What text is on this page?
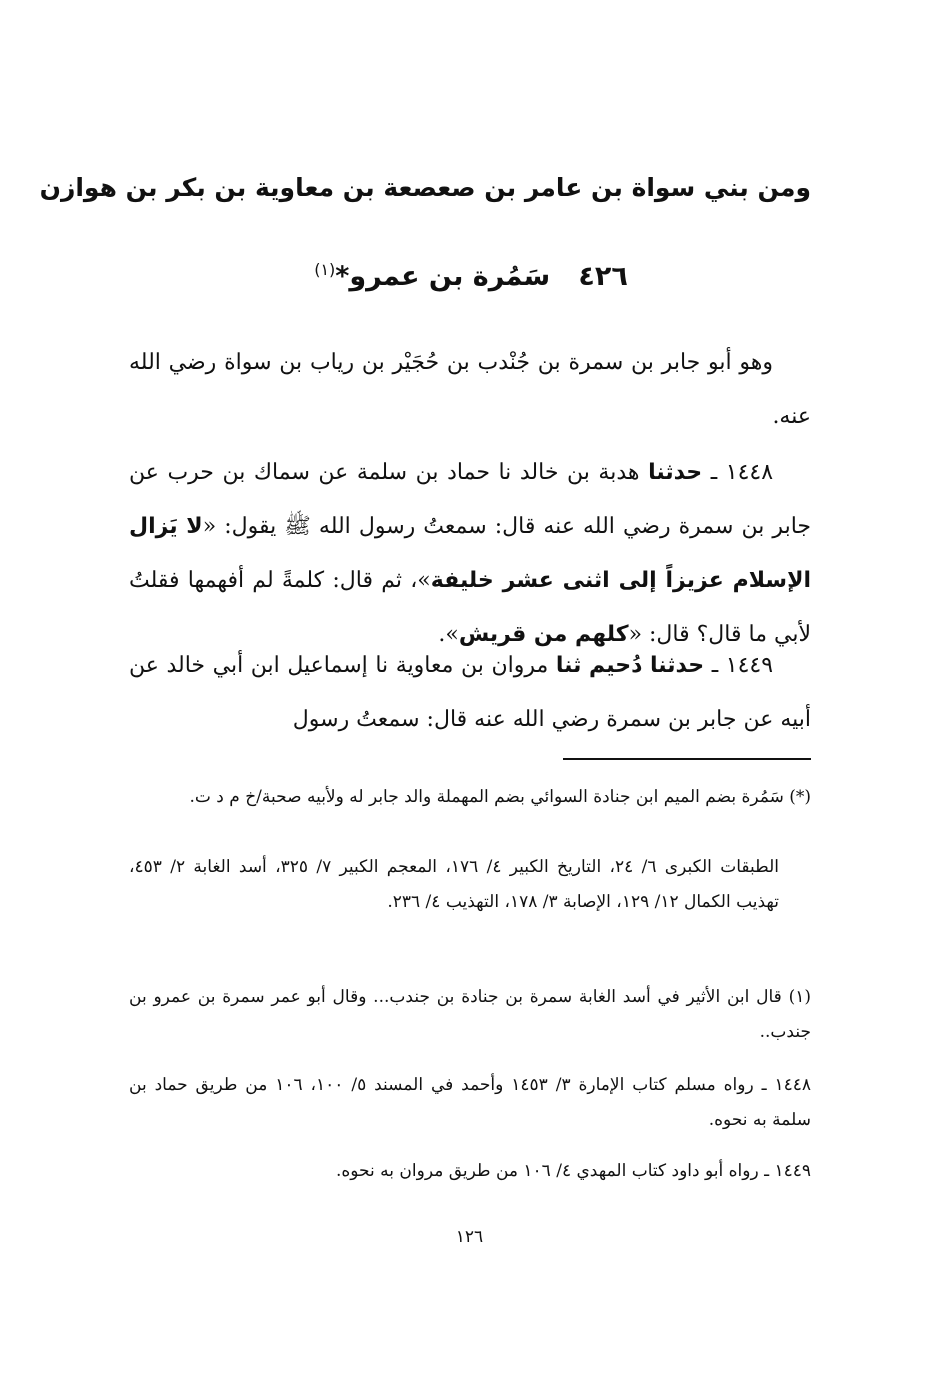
ومن بني سواة بن عامر بن صعصعة بن معاوية بن بكر بن هوازن
٤٢٦   سَمُرة بن عمرو*$^{(١)}$

وهو أبو جابر بن سمرة بن جُنْدب بن حُجَيْر بن رياب بن سواة رضي الله عنه.

١٤٤٨ ـ حدثنا هدبة بن خالد نا حماد بن سلمة عن سماك بن حرب عن جابر بن سمرة رضي الله عنه قال: سمعتُ رسول الله ﷺ يقول: «لا يَزال الإسلام عزيزاً إلى اثنى عشر خليفة»، ثم قال: كلمةً لم أفهمها فقلتُ لأبي ما قال؟ قال: «كلهم من قريش».

١٤٤٩ ـ حدثنا دُحيم ثنا مروان بن معاوية نا إسماعيل ابن أبي خالد عن أبيه عن جابر بن سمرة رضي الله عنه قال: سمعتُ رسول

(*) سَمُرة بضم الميم ابن جنادة السوائي بضم المهملة والد جابر له ولأبيه صحبة/خ م د ت.

الطبقات الكبرى ٦/ ٢٤، التاريخ الكبير ٤/ ١٧٦، المعجم الكبير ٧/ ٣٢٥، أسد الغابة ٢/ ٤٥٣، تهذيب الكمال ١٢/ ١٢٩، الإصابة ٣/ ١٧٨، التهذيب ٤/ ٢٣٦.

(١) قال ابن الأثير في أسد الغابة سمرة بن جنادة بن جندب... وقال أبو عمر سمرة بن عمرو بن جندب..

١٤٤٨ ـ رواه مسلم كتاب الإمارة ٣/ ١٤٥٣ وأحمد في المسند ٥/ ١٠٠، ١٠٦ من طريق حماد بن سلمة به نحوه.

١٤٤٩ ـ رواه أبو داود كتاب المهدي ٤/ ١٠٦ من طريق مروان به نحوه.

١٢٦
